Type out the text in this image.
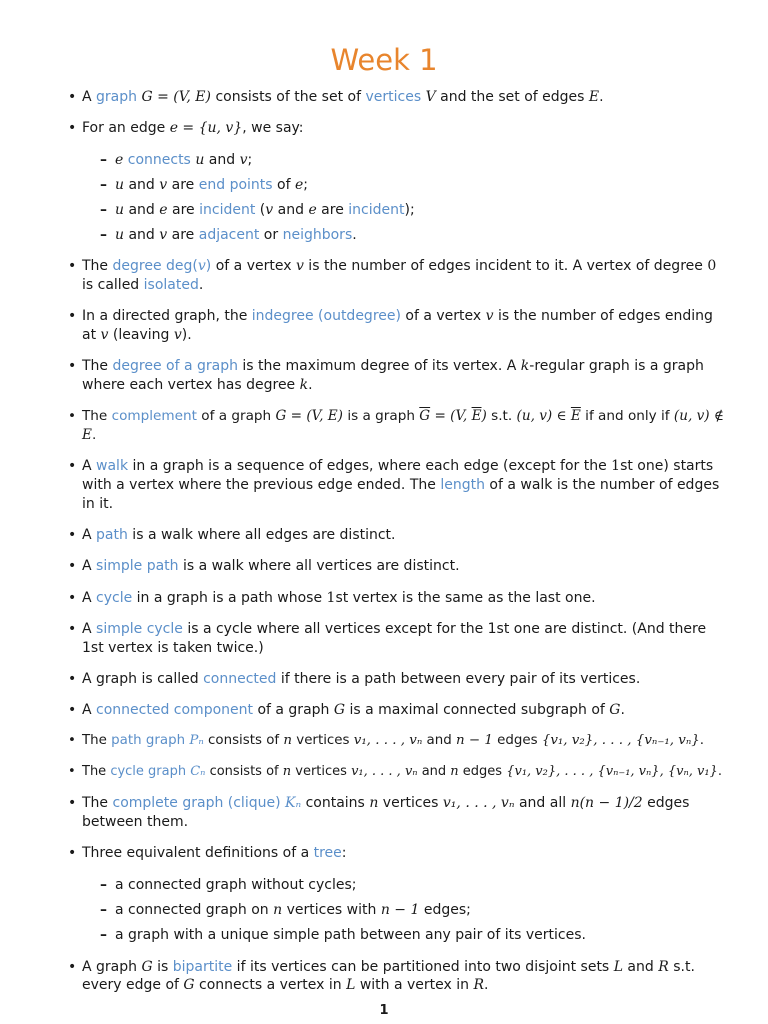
Week 1
• A graph G = (V, E) consists of the set of vertices V and the set of edges E.
• For an edge e = {u, v}, we say:
– e connects u and v;
– u and v are end points of e;
– u and e are incident (v and e are incident);
– u and v are adjacent or neighbors.
• The degree deg(v) of a vertex v is the number of edges incident to it. A vertex of degree 0 is called isolated.
• In a directed graph, the indegree (outdegree) of a vertex v is the number of edges ending at v (leaving v).
• The degree of a graph is the maximum degree of its vertex. A k-regular graph is a graph where each vertex has degree k.
• The complement of a graph G = (V, E) is a graph $\overline{G} = (V$, $\overline{E}$) s.t. (u, v) ∈ $\overline{E}$ if and only if (u, v) ∉ E.
• A walk in a graph is a sequence of edges, where each edge (except for the 1st one) starts with a vertex where the previous edge ended. The length of a walk is the number of edges in it.
• A path is a walk where all edges are distinct.
• A simple path is a walk where all vertices are distinct.
• A cycle in a graph is a path whose 1st vertex is the same as the last one.
• A simple cycle is a cycle where all vertices except for the 1st one are distinct. (And there 1st vertex is taken twice.)
• A graph is called connected if there is a path between every pair of its vertices.
• A connected component of a graph G is a maximal connected subgraph of G.
• The path graph Pₙ consists of n vertices v₁, . . . , vₙ and n − 1 edges {v₁, v₂}, . . . , {vₙ₋₁, vₙ}.
• The cycle graph Cₙ consists of n vertices v₁, . . . , vₙ and n edges {v₁, v₂}, . . . , {vₙ₋₁, vₙ}, {vₙ, v₁}.
• The complete graph (clique) Kₙ contains n vertices v₁, . . . , vₙ and all n(n − 1)/2 edges between them.
• Three equivalent definitions of a tree:
– a connected graph without cycles;
– a connected graph on n vertices with n − 1 edges;
– a graph with a unique simple path between any pair of its vertices.
• A graph G is bipartite if its vertices can be partitioned into two disjoint sets L and R s.t. every edge of G connects a vertex in L with a vertex in R.
1
